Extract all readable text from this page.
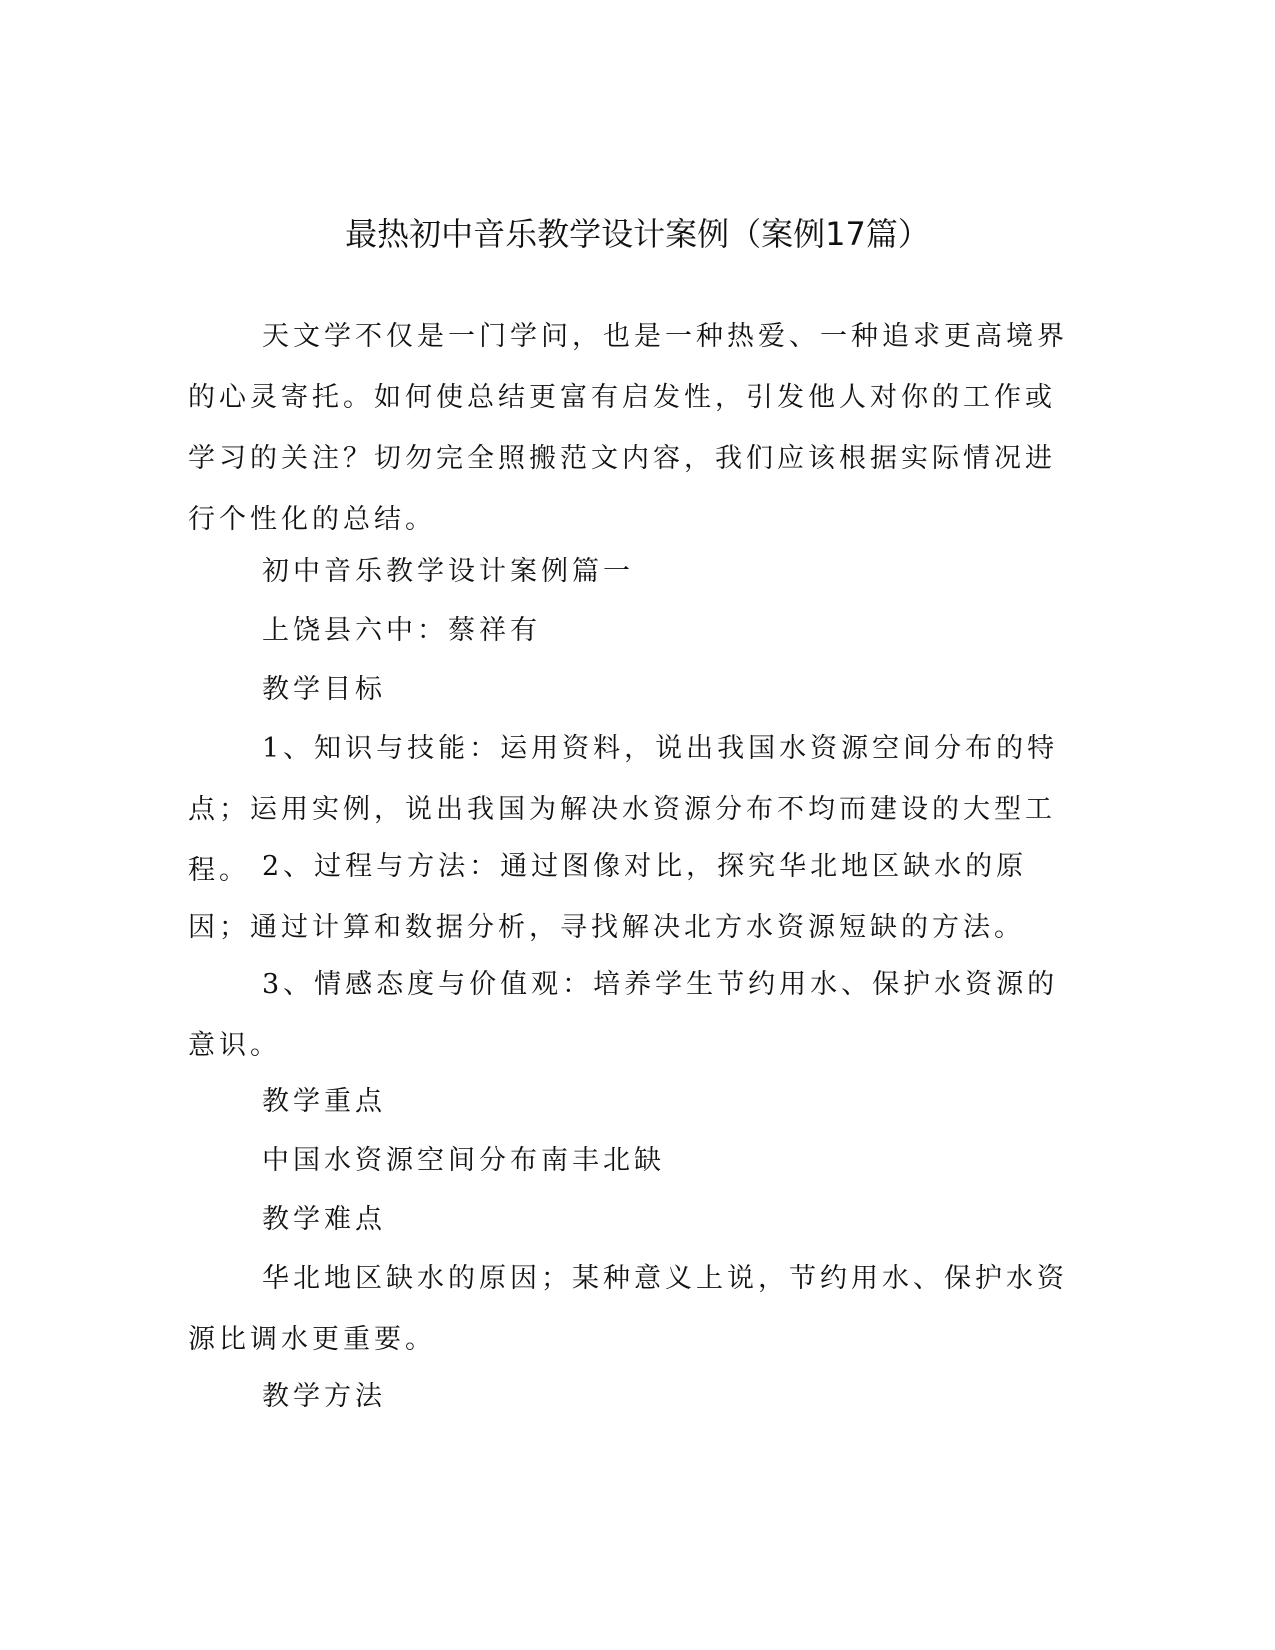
最热初中音乐教学设计案例（案例17篇）

天文学不仅是一门学问，也是一种热爱、一种追求更高境界的心灵寄托。如何使总结更富有启发性，引发他人对你的工作或学习的关注？切勿完全照搬范文内容，我们应该根据实际情况进行个性化的总结。

初中音乐教学设计案例篇一

上饶县六中：蔡祥有

教学目标

1、知识与技能：运用资料，说出我国水资源空间分布的特点；运用实例，说出我国为解决水资源分布不均而建设的大型工程。 2、过程与方法：通过图像对比，探究华北地区缺水的原因；通过计算和数据分析，寻找解决北方水资源短缺的方法。

3、情感态度与价值观：培养学生节约用水、保护水资源的意识。

教学重点

中国水资源空间分布南丰北缺

教学难点

华北地区缺水的原因；某种意义上说，节约用水、保护水资源比调水更重要。

教学方法
